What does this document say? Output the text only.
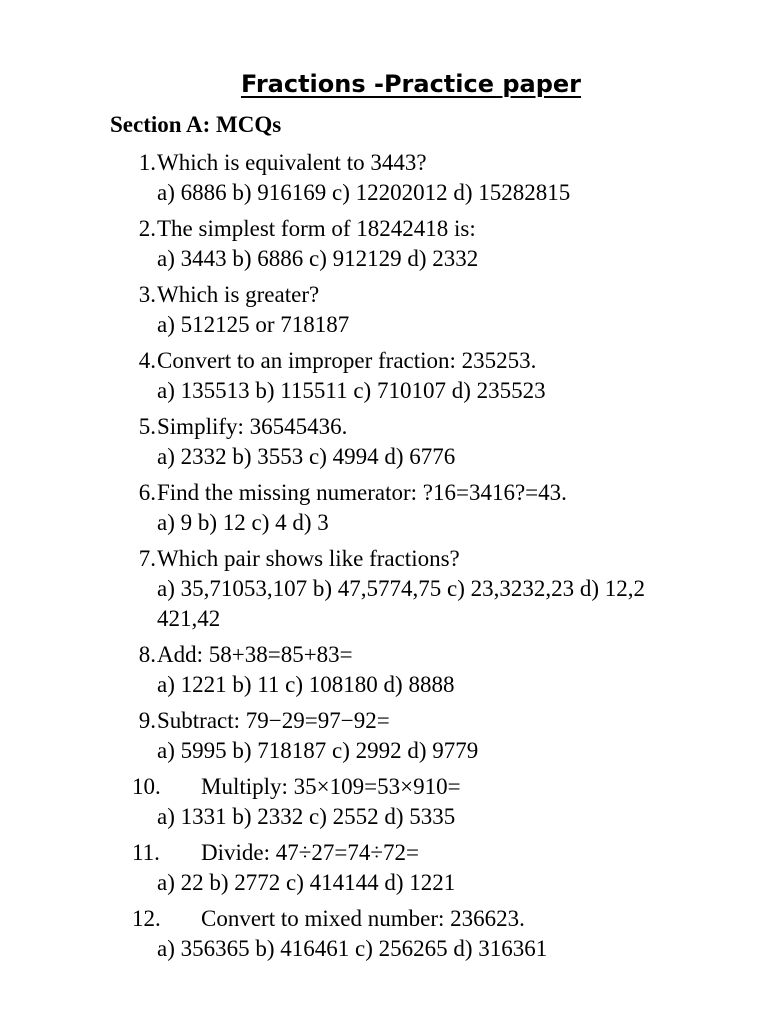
Fractions -Practice paper
Section A: MCQs
1. Which is equivalent to 3443?
a) 6886 b) 916169 c) 12202012 d) 15282815
2. The simplest form of 18242418 is:
a) 3443 b) 6886 c) 912129 d) 2332
3. Which is greater?
a) 512125 or 718187
4. Convert to an improper fraction: 235253.
a) 135513 b) 115511 c) 710107 d) 235523
5. Simplify: 36545436.
a) 2332 b) 3553 c) 4994 d) 6776
6. Find the missing numerator: ?16=3416?=43.
a) 9 b) 12 c) 4 d) 3
7. Which pair shows like fractions?
a) 35,71053,107 b) 47,5774,75 c) 23,3232,23 d) 12,2 421,42
8. Add: 58+38=85+83=
a) 1221 b) 11 c) 108180 d) 8888
9. Subtract: 79−29=97−92=
a) 5995 b) 718187 c) 2992 d) 9779
10. Multiply: 35×109=53×910=
a) 1331 b) 2332 c) 2552 d) 5335
11. Divide: 47÷27=74÷72=
a) 22 b) 2772 c) 414144 d) 1221
12. Convert to mixed number: 236623.
a) 356365 b) 416461 c) 256265 d) 316361
